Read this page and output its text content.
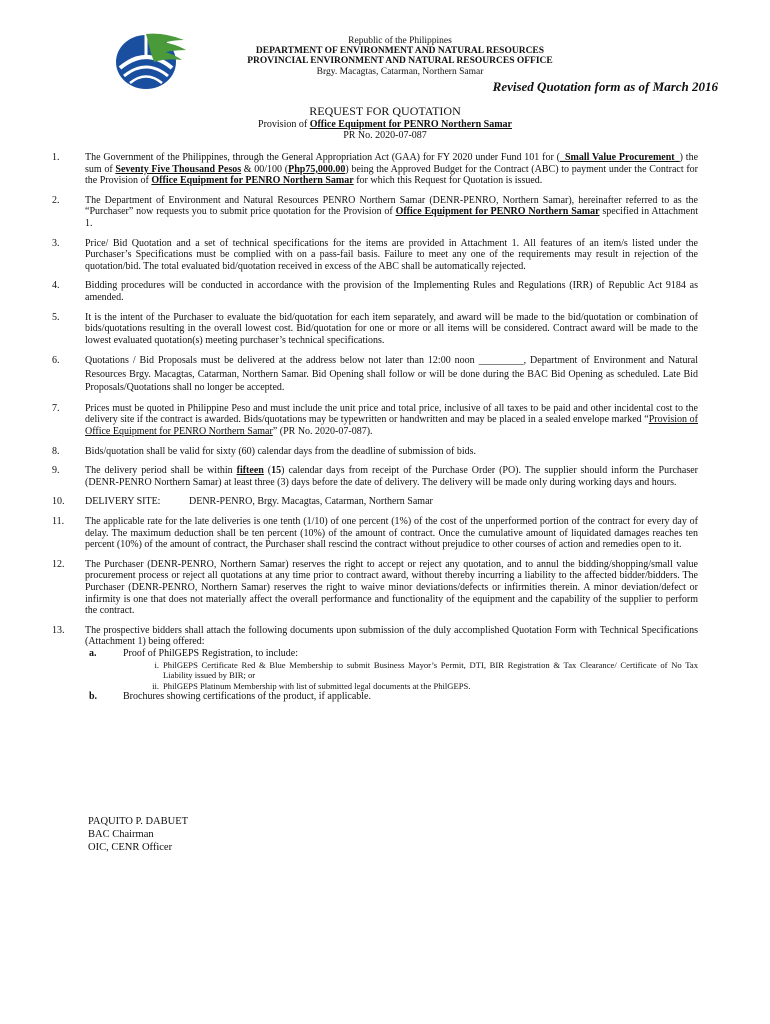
Republic of the Philippines
DEPARTMENT OF ENVIRONMENT AND NATURAL RESOURCES
PROVINCIAL ENVIRONMENT AND NATURAL RESOURCES OFFICE
Brgy. Macagtas, Catarman, Northern Samar
Revised Quotation form as of March 2016
REQUEST FOR QUOTATION
Provision of Office Equipment for PENRO Northern Samar
PR No. 2020-07-087
1.	The Government of the Philippines, through the General Appropriation Act (GAA) for FY 2020 under Fund 101 for (_Small Value Procurement_) the sum of Seventy Five Thousand Pesos & 00/100 (Php75,000.00) being the Approved Budget for the Contract (ABC) to payment under the Contract for the Provision of Office Equipment for PENRO Northern Samar for which this Request for Quotation is issued.
2.	The Department of Environment and Natural Resources PENRO Northern Samar (DENR-PENRO, Northern Samar), hereinafter referred to as the “Purchaser” now requests you to submit price quotation for the Provision of Office Equipment for PENRO Northern Samar specified in Attachment 1.
3.	Price/ Bid Quotation and a set of technical specifications for the items are provided in Attachment 1. All features of an item/s listed under the Purchaser’s Specifications must be complied with on a pass-fail basis. Failure to meet any one of the requirements may result in rejection of the quotation/bid. The total evaluated bid/quotation received in excess of the ABC shall be automatically rejected.
4.	Bidding procedures will be conducted in accordance with the provision of the Implementing Rules and Regulations (IRR) of Republic Act 9184 as amended.
5.	It is the intent of the Purchaser to evaluate the bid/quotation for each item separately, and award will be made to the bid/quotation or combination of bids/quotations resulting in the overall lowest cost. Bid/quotation for one or more or all items will be considered. Contract award will be made to the lowest evaluated quotation(s) meeting purchaser’s technical specifications.
6.	Quotations / Bid Proposals must be delivered at the address below not later than 12:00 noon _________, Department of Environment and Natural Resources Brgy. Macagtas, Catarman, Northern Samar. Bid Opening shall follow or will be done during the BAC Bid Opening as scheduled. Late Bid Proposals/Quotations shall no longer be accepted.
7.	Prices must be quoted in Philippine Peso and must include the unit price and total price, inclusive of all taxes to be paid and other incidental cost to the delivery site if the contract is awarded. Bids/quotations may be typewritten or handwritten and may be placed in a sealed envelope marked “Provision of Office Equipment for PENRO Northern Samar” (PR No. 2020-07-087).
8.	Bids/quotation shall be valid for sixty (60) calendar days from the deadline of submission of bids.
9.	The delivery period shall be within fifteen (15) calendar days from receipt of the Purchase Order (PO). The supplier should inform the Purchaser (DENR-PENRO Northern Samar) at least three (3) days before the date of delivery. The delivery will be made only during working days and hours.
10.	DELIVERY SITE:	DENR-PENRO, Brgy. Macagtas, Catarman, Northern Samar
11.	The applicable rate for the late deliveries is one tenth (1/10) of one percent (1%) of the cost of the unperformed portion of the contract for every day of delay. The maximum deduction shall be ten percent (10%) of the amount of contract. Once the cumulative amount of liquidated damages reaches ten percent (10%) of the amount of contract, the Purchaser shall rescind the contract without prejudice to other courses of action and remedies open to it.
12.	The Purchaser (DENR-PENRO, Northern Samar) reserves the right to accept or reject any quotation, and to annul the bidding/shopping/small value procurement process or reject all quotations at any time prior to contract award, without thereby incurring a liability to the affected bidder/bidders. The Purchaser (DENR-PENRO, Northern Samar) reserves the right to waive minor deviations/defects or infirmities therein. A minor deviation/defect or infirmity is one that does not materially affect the overall performance and functionality of the equipment and the capability of the supplier to perform the contract.
13.	The prospective bidders shall attach the following documents upon submission of the duly accomplished Quotation Form with Technical Specifications (Attachment 1) being offered:
a.	Proof of PhilGEPS Registration, to include:
i. PhilGEPS Certificate Red & Blue Membership to submit Business Mayor’s Permit, DTI, BIR Registration & Tax Clearance/ Certificate of No Tax Liability issued by BIR; or
ii. PhilGEPS Platinum Membership with list of submitted legal documents at the PhilGEPS.
b.	Brochures showing certifications of the product, if applicable.
PAQUITO P. DABUET
BAC Chairman
OIC, CENR Officer
